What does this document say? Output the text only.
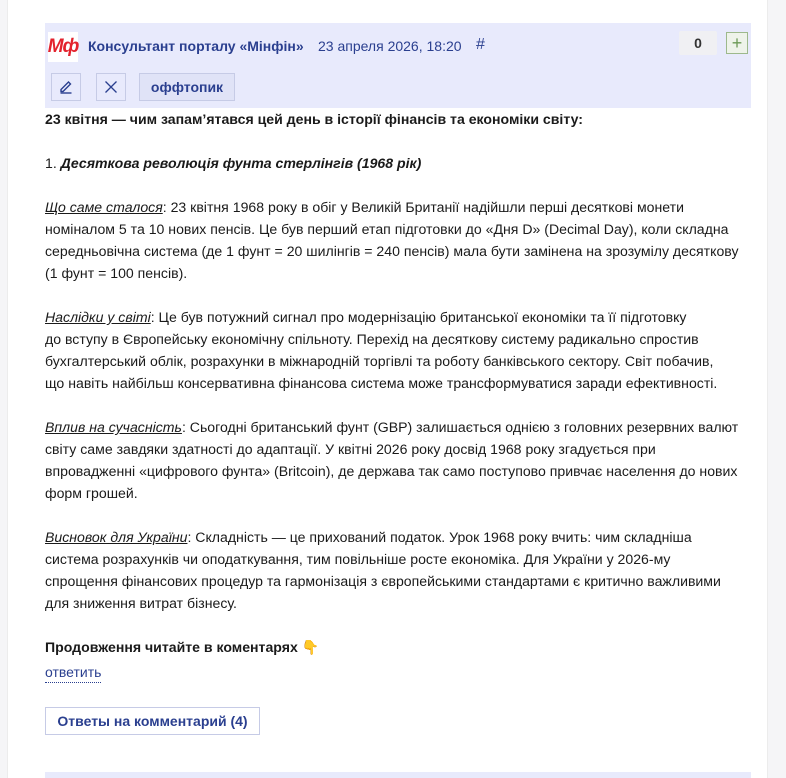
Мф Консультант порталу «Мінфін» 23 апреля 2026, 18:20 #	0	+
оффтопик

23 квітня — чим запам’ятався цей день в історії фінансів та економіки світу:

1. Десяткова революція фунта стерлінгів (1968 рік)

Що саме сталося: 23 квітня 1968 року в обіг у Великій Британії надійшли перші десяткові монети
номіналом 5 та 10 нових пенсів. Це був перший етап підготовки до «Дня D» (Decimal Day), коли складна
середньовічна система (де 1 фунт = 20 шилінгів = 240 пенсів) мала бути замінена на зрозумілу десяткову
(1 фунт = 100 пенсів).

Наслідки у світі: Це був потужний сигнал про модернізацію британської економіки та її підготовку
до вступу в Європейську економічну спільноту. Перехід на десяткову систему радикально спростив
бухгалтерський облік, розрахунки в міжнародній торгівлі та роботу банківського сектору. Світ побачив,
що навіть найбільш консервативна фінансова система може трансформуватися заради ефективності.

Вплив на сучасність: Сьогодні британський фунт (GBP) залишається однією з головних резервних валют
світу саме завдяки здатності до адаптації. У квітні 2026 року досвід 1968 року згадується при
впровадженні «цифрового фунта» (Britcoin), де держава так само поступово привчає населення до нових
форм грошей.

Висновок для України: Складність — це прихований податок. Урок 1968 року вчить: чим складніша
система розрахунків чи оподаткування, тим повільніше росте економіка. Для України у 2026-му
спрощення фінансових процедур та гармонізація з європейськими стандартами є критично важливими
для зниження витрат бізнесу.

Продовження читайте в коментарях 👇

ответить
Ответы на комментарий (4)
